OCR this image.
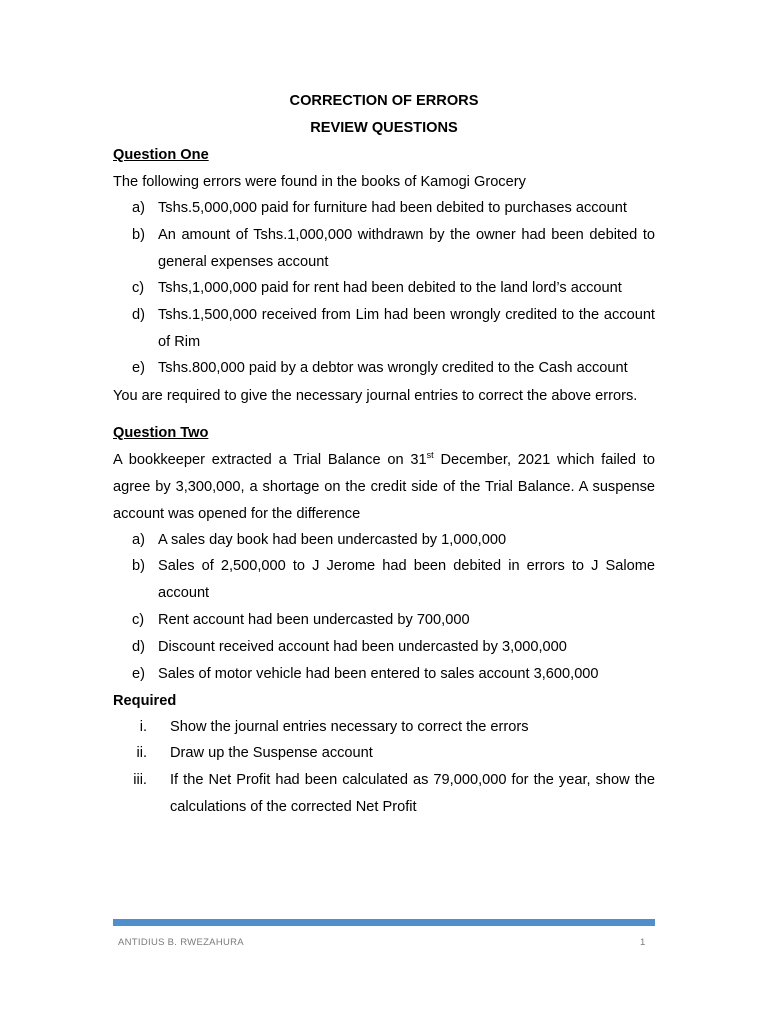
CORRECTION OF ERRORS
REVIEW QUESTIONS
Question One
The following errors were found in the books of Kamogi Grocery
a) Tshs.5,000,000 paid for furniture had been debited to purchases account
b) An amount of Tshs.1,000,000 withdrawn by the owner had been debited to general expenses account
c) Tshs,1,000,000 paid for rent had been debited to the land lord’s account
d) Tshs.1,500,000 received from Lim had been wrongly credited to the account of Rim
e) Tshs.800,000 paid by a debtor was wrongly credited to the Cash account
You are required to give the necessary journal entries to correct the above errors.
Question Two
A bookkeeper extracted a Trial Balance on 31st December, 2021 which failed to agree by 3,300,000, a shortage on the credit side of the Trial Balance. A suspense account was opened for the difference
a) A sales day book had been undercasted by 1,000,000
b) Sales of 2,500,000 to J Jerome had been debited in errors to J Salome account
c) Rent account had been undercasted by 700,000
d) Discount received account had been undercasted by 3,000,000
e) Sales of motor vehicle had been entered to sales account 3,600,000
Required
i. Show the journal entries necessary to correct the errors
ii. Draw up the Suspense account
iii. If the Net Profit had been calculated as 79,000,000 for the year, show the calculations of the corrected Net Profit
ANTIDIUS B. RWEZAHURA	1
